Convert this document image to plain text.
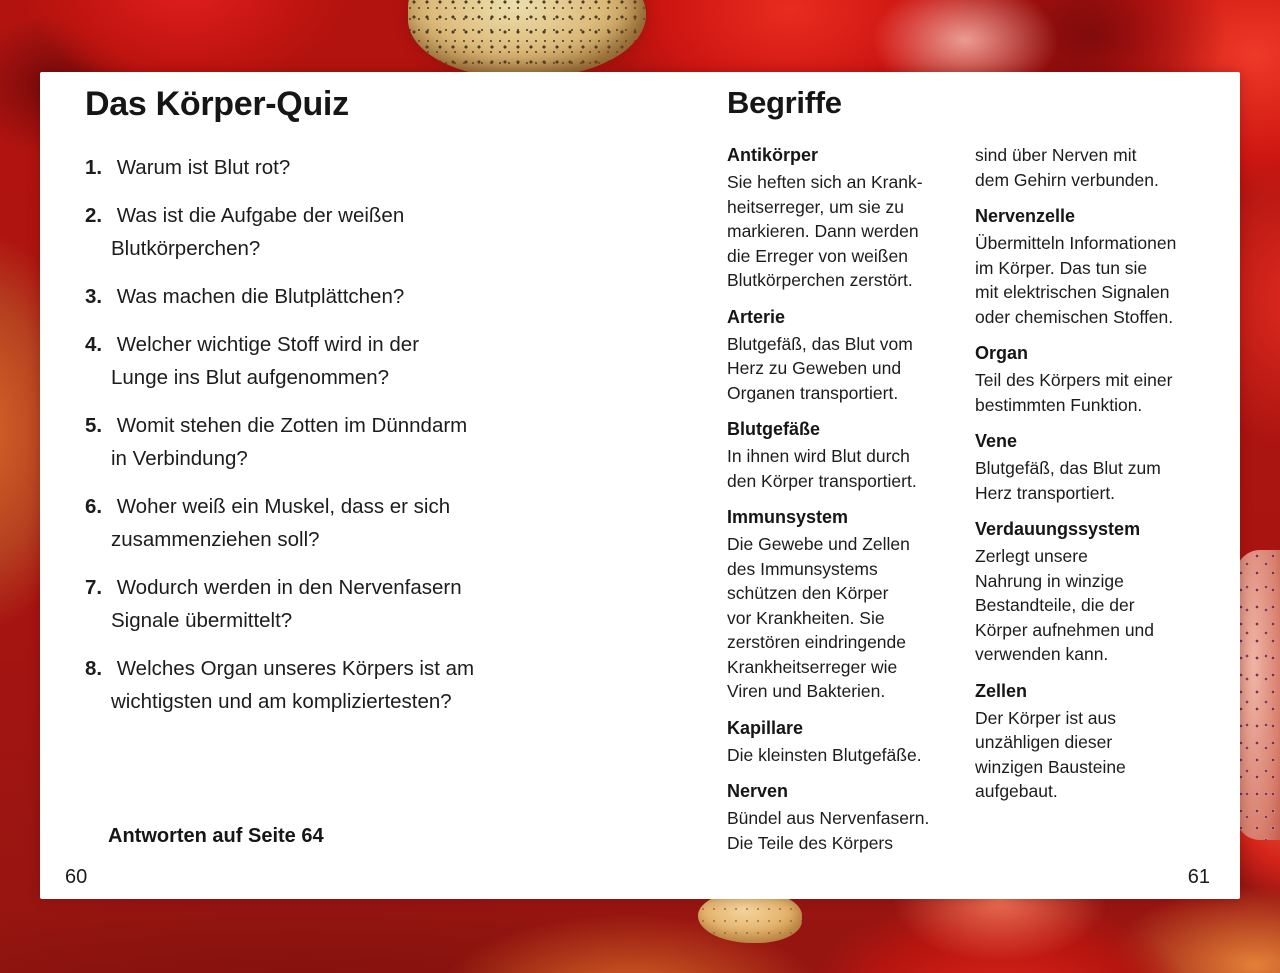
Das Körper-Quiz
1. Warum ist Blut rot?
2. Was ist die Aufgabe der weißen
Blutkörperchen?
3. Was machen die Blutplättchen?
4. Welcher wichtige Stoff wird in der
Lunge ins Blut aufgenommen?
5. Womit stehen die Zotten im Dünndarm
in Verbindung?
6. Woher weiß ein Muskel, dass er sich
zusammenziehen soll?
7. Wodurch werden in den Nervenfasern
Signale übermittelt?
8. Welches Organ unseres Körpers ist am
wichtigsten und am kompliziertesten?
Antworten auf Seite 64
60
Begriffe
Antikörper

Sie heften sich an Krank-
heitserreger, um sie zu
markieren. Dann werden
die Erreger von weißen
Blutkörperchen zerstört.

Arterie

Blutgefäß, das Blut vom
Herz zu Geweben und
Organen transportiert.

Blutgefäße

In ihnen wird Blut durch
den Körper transportiert.

Immunsystem

Die Gewebe und Zellen
des Immunsystems
schützen den Körper
vor Krankheiten. Sie
zerstören eindringende
Krankheitserreger wie
Viren und Bakterien.

Kapillare

Die kleinsten Blutgefäße.

Nerven

Bündel aus Nervenfasern.
Die Teile des Körpers

sind über Nerven mit
dem Gehirn verbunden.

Nervenzelle

Übermitteln Informationen
im Körper. Das tun sie
mit elektrischen Signalen
oder chemischen Stoffen.

Organ

Teil des Körpers mit einer
bestimmten Funktion.

Vene

Blutgefäß, das Blut zum
Herz transportiert.

Verdauungssystem

Zerlegt unsere
Nahrung in winzige
Bestandteile, die der
Körper aufnehmen und
verwenden kann.

Zellen

Der Körper ist aus
unzähligen dieser
winzigen Bausteine
aufgebaut.

61
